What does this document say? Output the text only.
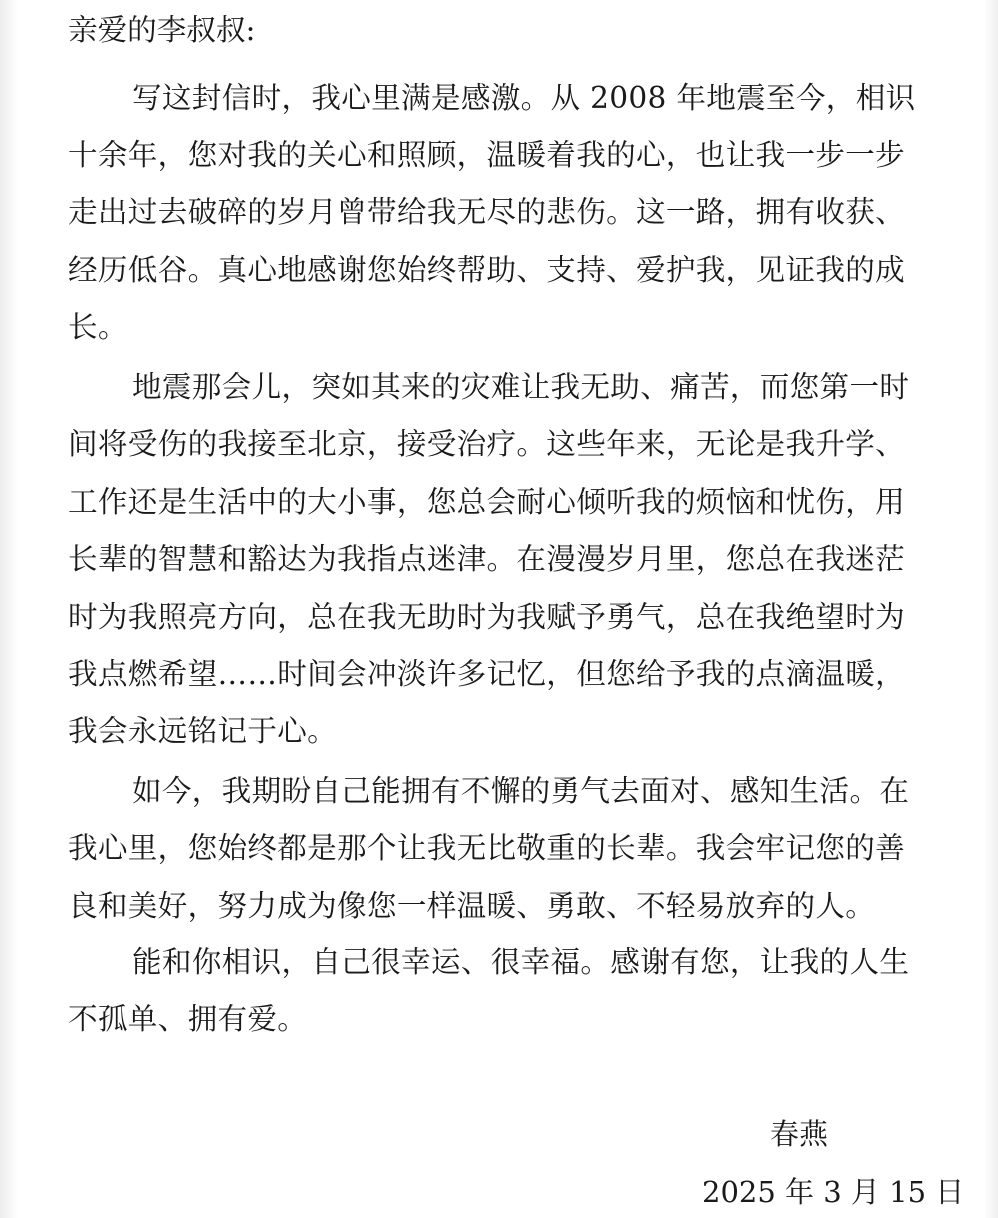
亲爱的李叔叔:
写这封信时，我心里满是感激。从 2008 年地震至今，相识
十余年，您对我的关心和照顾，温暖着我的心，也让我一步一步
走出过去破碎的岁月曾带给我无尽的悲伤。这一路，拥有收获、
经历低谷。真心地感谢您始终帮助、支持、爱护我，见证我的成
长。
地震那会儿，突如其来的灾难让我无助、痛苦，而您第一时
间将受伤的我接至北京，接受治疗。这些年来，无论是我升学、
工作还是生活中的大小事，您总会耐心倾听我的烦恼和忧伤，用
长辈的智慧和豁达为我指点迷津。在漫漫岁月里，您总在我迷茫
时为我照亮方向，总在我无助时为我赋予勇气，总在我绝望时为
我点燃希望……时间会冲淡许多记忆，但您给予我的点滴温暖，
我会永远铭记于心。
如今，我期盼自己能拥有不懈的勇气去面对、感知生活。在
我心里，您始终都是那个让我无比敬重的长辈。我会牢记您的善
良和美好，努力成为像您一样温暖、勇敢、不轻易放弃的人。
能和你相识，自己很幸运、很幸福。感谢有您，让我的人生
不孤单、拥有爱。
春燕
2025 年 3 月 15 日
